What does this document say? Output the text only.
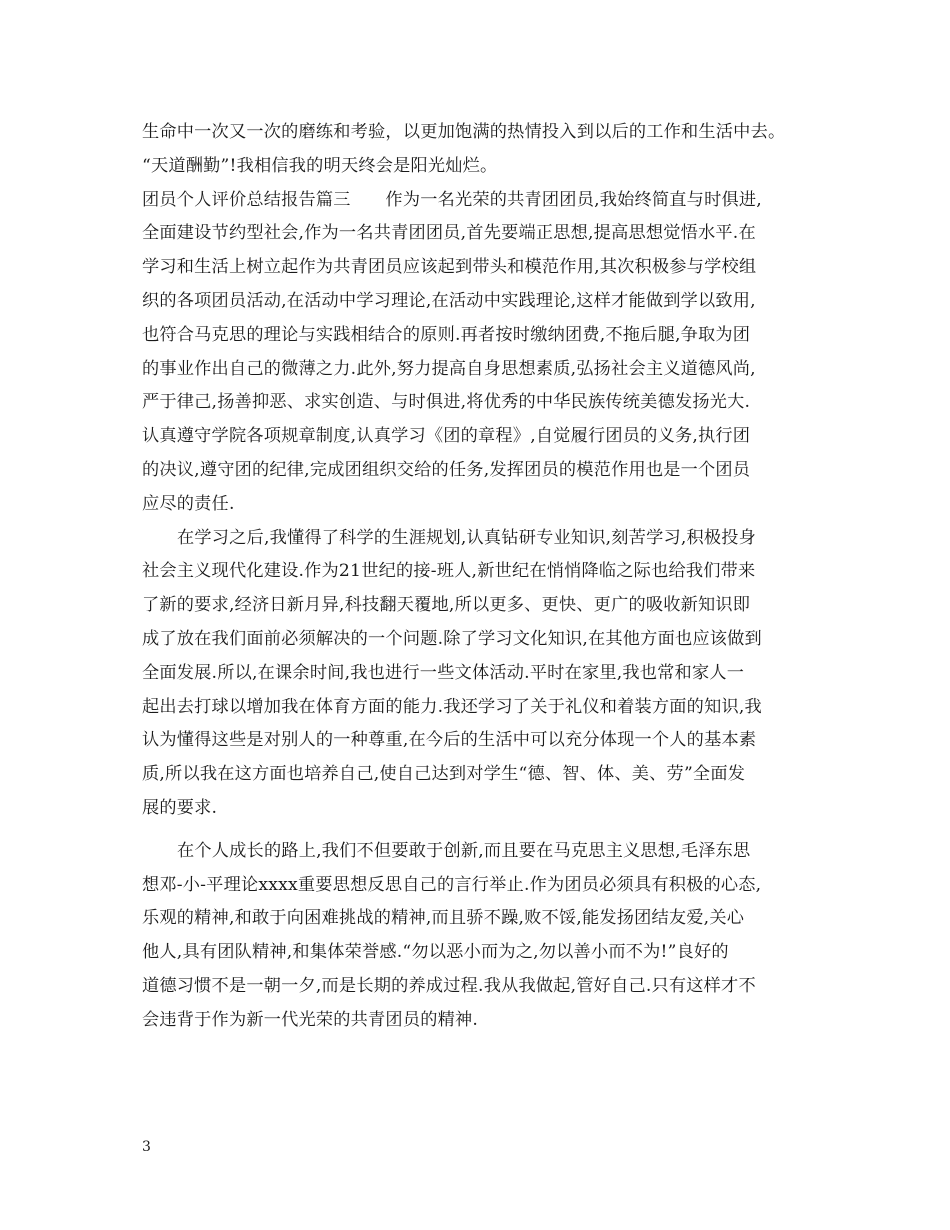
生命中一次又一次的磨练和考验，以更加饱满的热情投入到以后的工作和生活中去。
“天道酬勤”!我相信我的明天终会是阳光灿烂。
团员个人评价总结报告篇三　　作为一名光荣的共青团团员,我始终简直与时俱进,
全面建设节约型社会,作为一名共青团团员,首先要端正思想,提高思想觉悟水平.在
学习和生活上树立起作为共青团员应该起到带头和模范作用,其次积极参与学校组
织的各项团员活动,在活动中学习理论,在活动中实践理论,这样才能做到学以致用,
也符合马克思的理论与实践相结合的原则.再者按时缴纳团费,不拖后腿,争取为团
的事业作出自己的微薄之力.此外,努力提高自身思想素质,弘扬社会主义道德风尚,
严于律己,扬善抑恶、求实创造、与时俱进,将优秀的中华民族传统美德发扬光大.
认真遵守学院各项规章制度,认真学习《团的章程》,自觉履行团员的义务,执行团
的决议,遵守团的纪律,完成团组织交给的任务,发挥团员的模范作用也是一个团员
应尽的责任.
在学习之后,我懂得了科学的生涯规划,认真钻研专业知识,刻苦学习,积极投身
社会主义现代化建设.作为21世纪的接-班人,新世纪在悄悄降临之际也给我们带来
了新的要求,经济日新月异,科技翻天覆地,所以更多、更快、更广的吸收新知识即
成了放在我们面前必须解决的一个问题.除了学习文化知识,在其他方面也应该做到
全面发展.所以,在课余时间,我也进行一些文体活动.平时在家里,我也常和家人一
起出去打球以增加我在体育方面的能力.我还学习了关于礼仪和着装方面的知识,我
认为懂得这些是对别人的一种尊重,在今后的生活中可以充分体现一个人的基本素
质,所以我在这方面也培养自己,使自己达到对学生“德、智、体、美、劳”全面发
展的要求.
在个人成长的路上,我们不但要敢于创新,而且要在马克思主义思想,毛泽东思
想邓-小-平理论xxxx重要思想反思自己的言行举止.作为团员必须具有积极的心态,
乐观的精神,和敢于向困难挑战的精神,而且骄不躁,败不馁,能发扬团结友爱,关心
他人,具有团队精神,和集体荣誉感.“勿以恶小而为之,勿以善小而不为!”良好的
道德习惯不是一朝一夕,而是长期的养成过程.我从我做起,管好自己.只有这样才不
会违背于作为新一代光荣的共青团员的精神.
3
